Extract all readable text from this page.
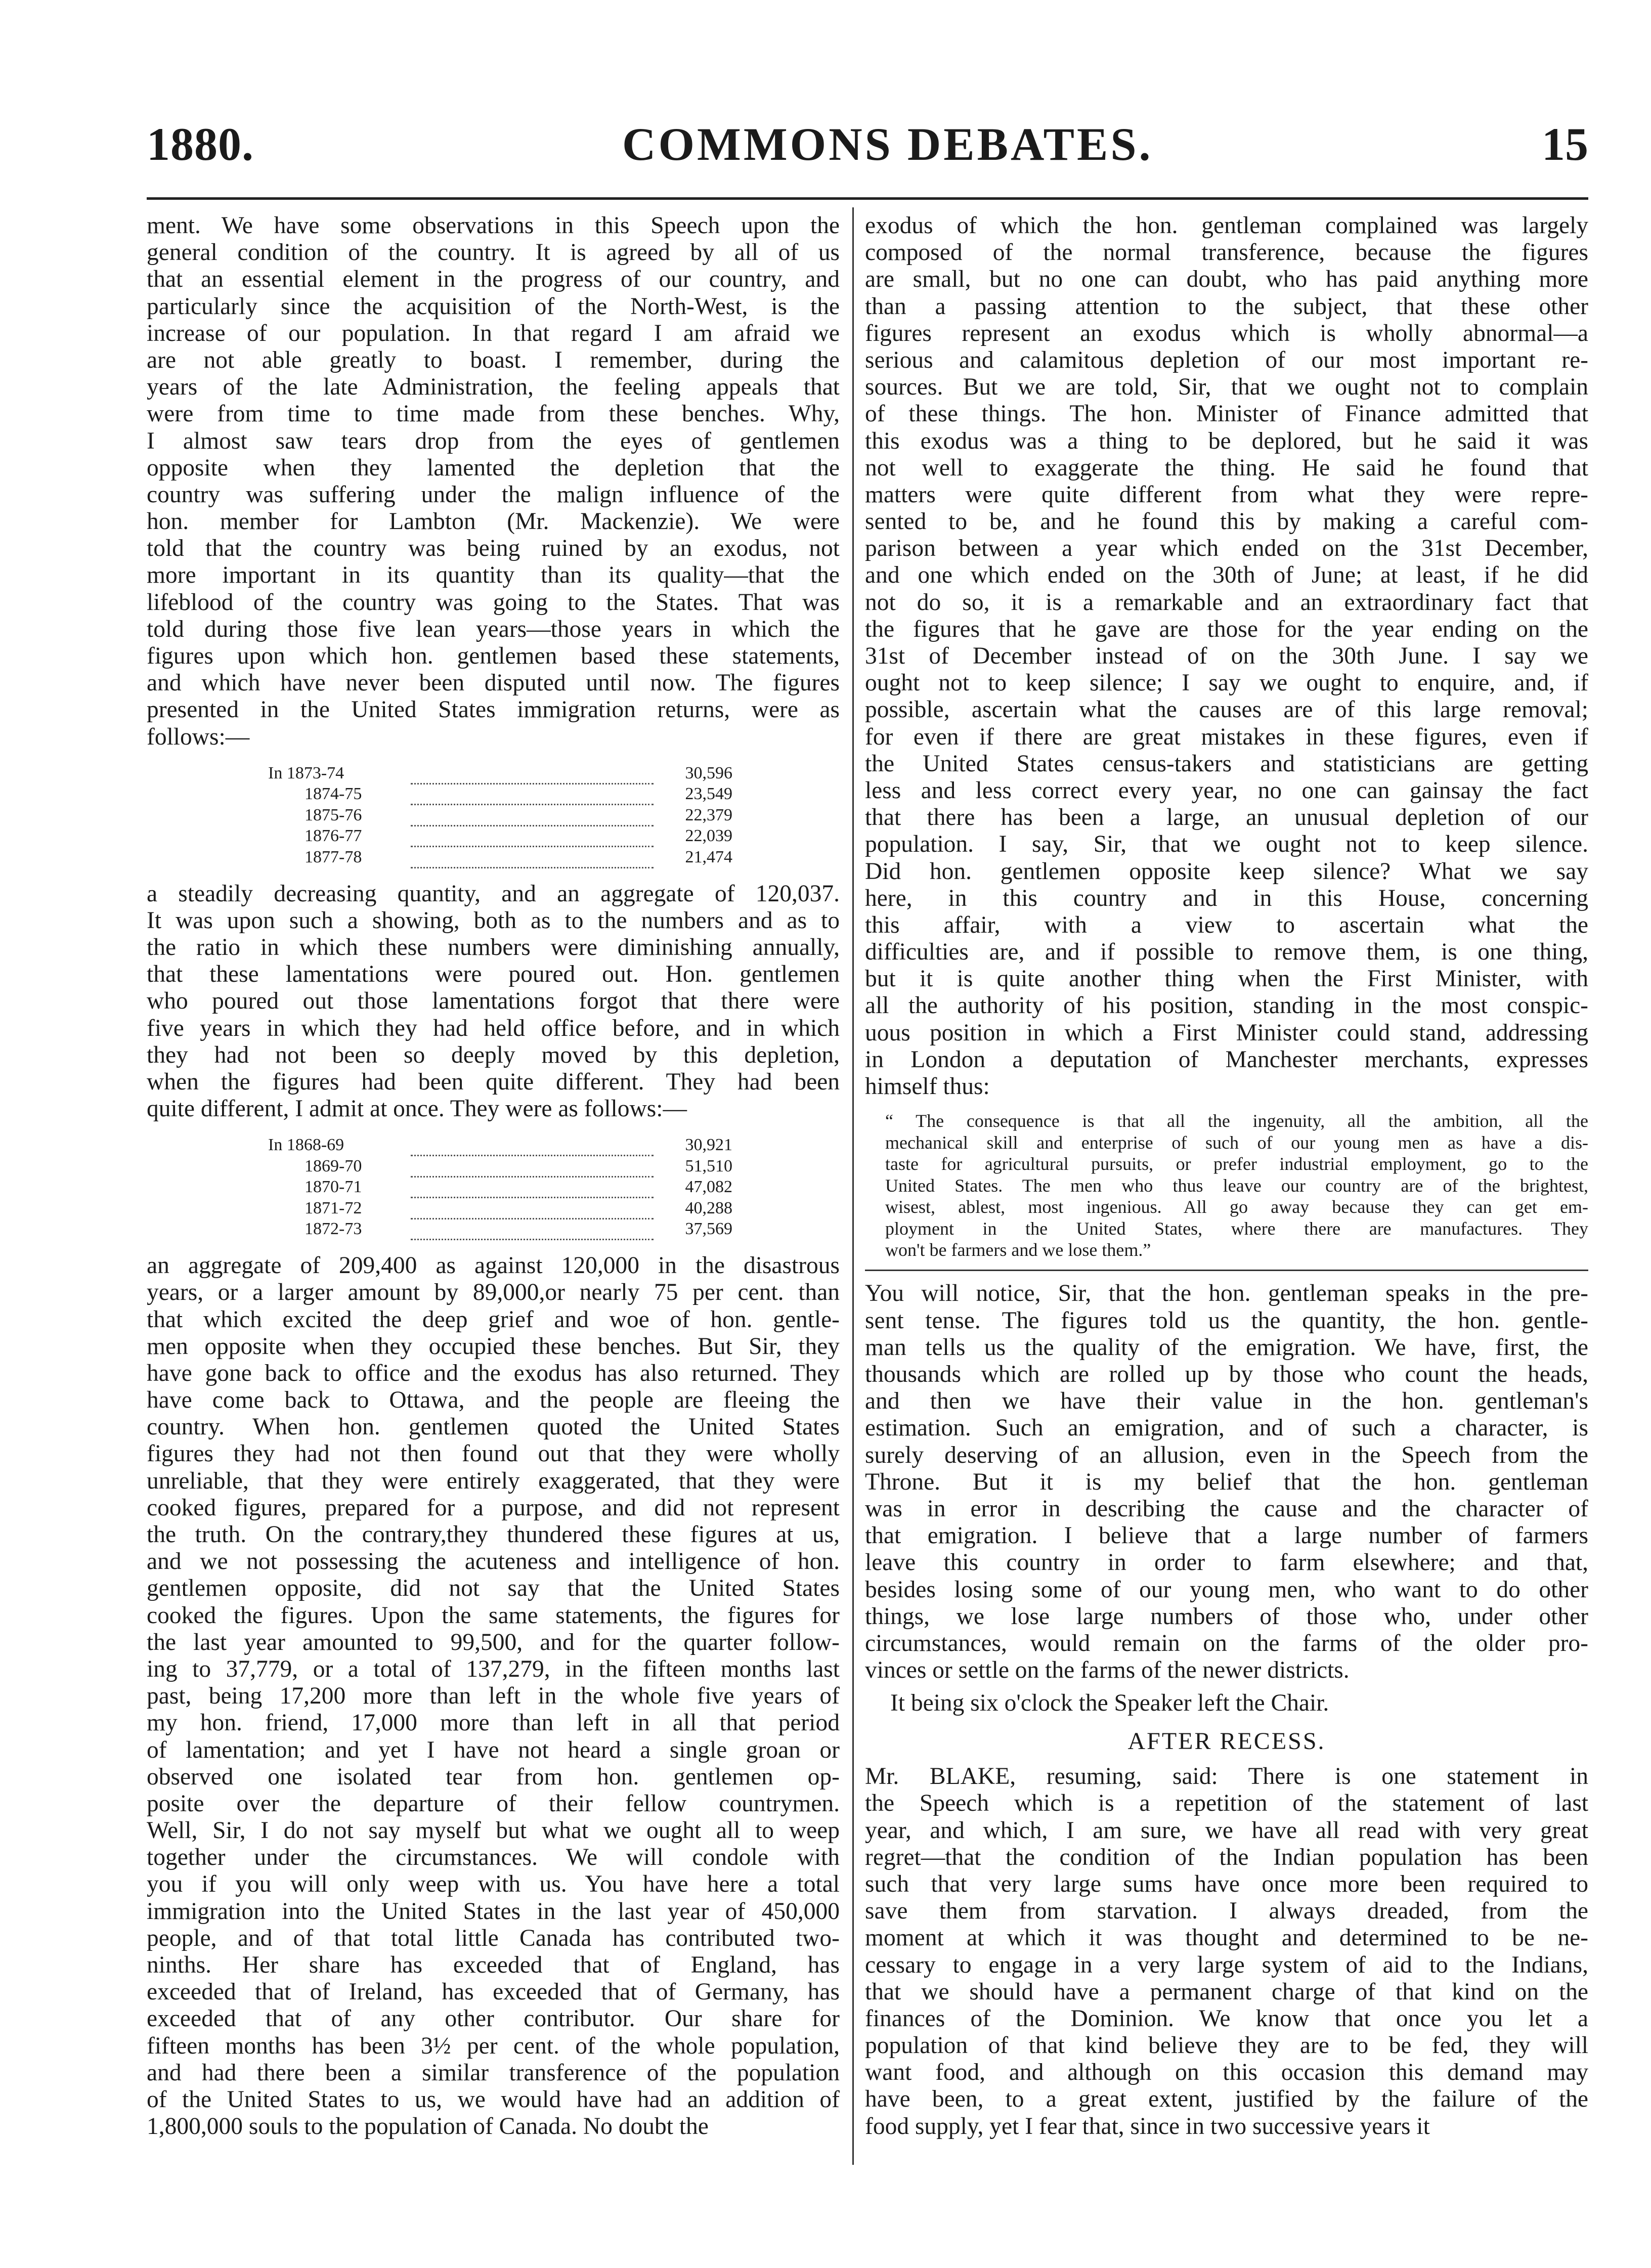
1880.	COMMONS DEBATES.	15

ment. We have some observations in this Speech upon the
general condition of the country. It is agreed by all of us
that an essential element in the progress of our country, and
particularly since the acquisition of the North-West, is the
increase of our population. In that regard I am afraid we
are not able greatly to boast. I remember, during the
years of the late Administration, the feeling appeals that
were from time to time made from these benches. Why,
I almost saw tears drop from the eyes of gentlemen
opposite when they lamented the depletion that the
country was suffering under the malign influence of the
hon. member for Lambton (Mr. Mackenzie). We were
told that the country was being ruined by an exodus, not
more important in its quantity than its quality—that the
lifeblood of the country was going to the States. That was
told during those five lean years—those years in which the
figures upon which hon. gentlemen based these statements,
and which have never been disputed until now. The figures
presented in the United States immigration returns, were as
follows:—

In 1873-74		30,596
1874-75		23,549
1875-76		22,379
1876-77		22,039
1877-78		21,474

a steadily decreasing quantity, and an aggregate of 120,037.
It was upon such a showing, both as to the numbers and as to
the ratio in which these numbers were diminishing annually,
that these lamentations were poured out. Hon. gentlemen
who poured out those lamentations forgot that there were
five years in which they had held office before, and in which
they had not been so deeply moved by this depletion,
when the figures had been quite different. They had been
quite different, I admit at once. They were as follows:—

In 1868-69		30,921
1869-70		51,510
1870-71		47,082
1871-72		40,288
1872-73		37,569

an aggregate of 209,400 as against 120,000 in the disastrous
years, or a larger amount by 89,000,or nearly 75 per cent. than
that which excited the deep grief and woe of hon. gentle-
men opposite when they occupied these benches. But Sir, they
have gone back to office and the exodus has also returned. They
have come back to Ottawa, and the people are fleeing the
country. When hon. gentlemen quoted the United States
figures they had not then found out that they were wholly
unreliable, that they were entirely exaggerated, that they were
cooked figures, prepared for a purpose, and did not represent
the truth. On the contrary,they thundered these figures at us,
and we not possessing the acuteness and intelligence of hon.
gentlemen opposite, did not say that the United States
cooked the figures. Upon the same statements, the figures for
the last year amounted to 99,500, and for the quarter follow-
ing to 37,779, or a total of 137,279, in the fifteen months last
past, being 17,200 more than left in the whole five years of
my hon. friend, 17,000 more than left in all that period
of lamentation; and yet I have not heard a single groan or
observed one isolated tear from hon. gentlemen op-
posite over the departure of their fellow countrymen.
Well, Sir, I do not say myself but what we ought all to weep
together under the circumstances. We will condole with
you if you will only weep with us. You have here a total
immigration into the United States in the last year of 450,000
people, and of that total little Canada has contributed two-
ninths. Her share has exceeded that of England, has
exceeded that of Ireland, has exceeded that of Germany, has
exceeded that of any other contributor. Our share for
fifteen months has been 3½ per cent. of the whole population,
and had there been a similar transference of the population
of the United States to us, we would have had an addition of
1,800,000 souls to the population of Canada. No doubt the

exodus of which the hon. gentleman complained was largely
composed of the normal transference, because the figures
are small, but no one can doubt, who has paid anything more
than a passing attention to the subject, that these other
figures represent an exodus which is wholly abnormal—a
serious and calamitous depletion of our most important re-
sources. But we are told, Sir, that we ought not to complain
of these things. The hon. Minister of Finance admitted that
this exodus was a thing to be deplored, but he said it was
not well to exaggerate the thing. He said he found that
matters were quite different from what they were repre-
sented to be, and he found this by making a careful com-
parison between a year which ended on the 31st December,
and one which ended on the 30th of June; at least, if he did
not do so, it is a remarkable and an extraordinary fact that
the figures that he gave are those for the year ending on the
31st of December instead of on the 30th June. I say we
ought not to keep silence; I say we ought to enquire, and, if
possible, ascertain what the causes are of this large removal;
for even if there are great mistakes in these figures, even if
the United States census-takers and statisticians are getting
less and less correct every year, no one can gainsay the fact
that there has been a large, an unusual depletion of our
population. I say, Sir, that we ought not to keep silence.
Did hon. gentlemen opposite keep silence? What we say
here, in this country and in this House, concerning
this affair, with a view to ascertain what the
difficulties are, and if possible to remove them, is one thing,
but it is quite another thing when the First Minister, with
all the authority of his position, standing in the most conspic-
uous position in which a First Minister could stand, addressing
in London a deputation of Manchester merchants, expresses
himself thus:

“ The consequence is that all the ingenuity, all the ambition, all the
mechanical skill and enterprise of such of our young men as have a dis-
taste for agricultural pursuits, or prefer industrial employment, go to the
United States. The men who thus leave our country are of the brightest,
wisest, ablest, most ingenious. All go away because they can get em-
ployment in the United States, where there are manufactures. They
won't be farmers and we lose them.”

You will notice, Sir, that the hon. gentleman speaks in the pre-
sent tense. The figures told us the quantity, the hon. gentle-
man tells us the quality of the emigration. We have, first, the
thousands which are rolled up by those who count the heads,
and then we have their value in the hon. gentleman's
estimation. Such an emigration, and of such a character, is
surely deserving of an allusion, even in the Speech from the
Throne. But it is my belief that the hon. gentleman
was in error in describing the cause and the character of
that emigration. I believe that a large number of farmers
leave this country in order to farm elsewhere; and that,
besides losing some of our young men, who want to do other
things, we lose large numbers of those who, under other
circumstances, would remain on the farms of the older pro-
vinces or settle on the farms of the newer districts.

It being six o'clock the Speaker left the Chair.

AFTER RECESS.

Mr. BLAKE, resuming, said: There is one statement in
the Speech which is a repetition of the statement of last
year, and which, I am sure, we have all read with very great
regret—that the condition of the Indian population has been
such that very large sums have once more been required to
save them from starvation. I always dreaded, from the
moment at which it was thought and determined to be ne-
cessary to engage in a very large system of aid to the Indians,
that we should have a permanent charge of that kind on the
finances of the Dominion. We know that once you let a
population of that kind believe they are to be fed, they will
want food, and although on this occasion this demand may
have been, to a great extent, justified by the failure of the
food supply, yet I fear that, since in two successive years it
